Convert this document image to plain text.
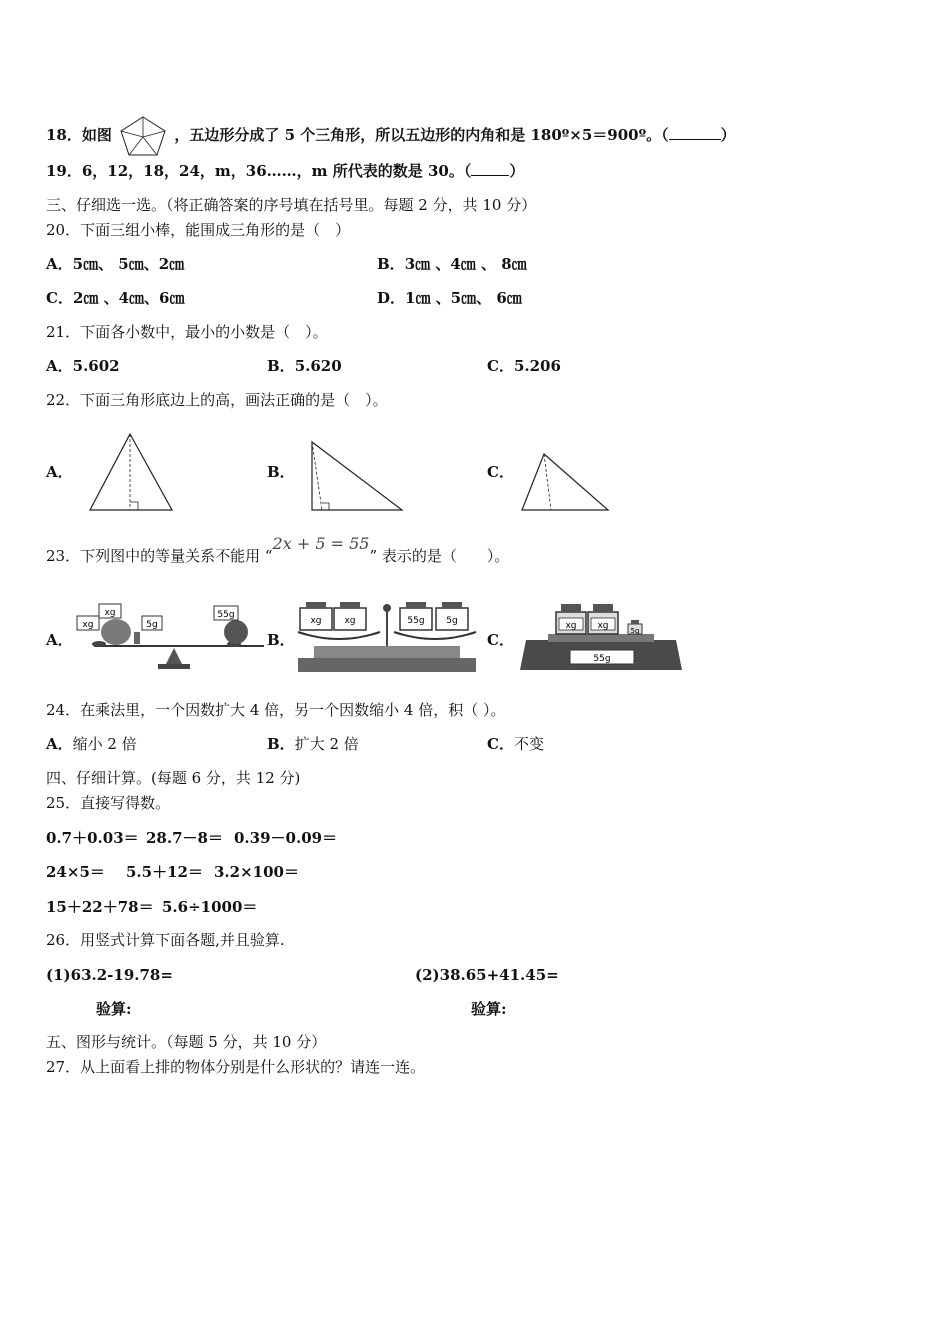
18．如图	，五边形分成了 5 个三角形，所以五边形的内角和是 180º×5＝900º。（	）
19．6，12，18，24，m，36……，m 所代表的数是 30。（	）
三、仔细选一选。（将正确答案的序号填在括号里。每题 2 分，共 10 分）
20．下面三组小棒，能围成三角形的是（　）
A．5㎝、 5㎝、2㎝	B．3㎝ 、4㎝ 、 8㎝
C．2㎝ 、4㎝、6㎝	D．1㎝ 、5㎝、 6㎝
21．下面各小数中，最小的小数是（　）。
A．5.602	B．5.620	C．5.206
22．下面三角形底边上的高，画法正确的是（　）。
A．	B．	C．
23．下列图中的等量关系不能用 “2x + 5 = 55” 表示的是（　　）。
A．
xg
xg
5g
55g
B．
xg	xg	55g 5g
C．
55g
xg xg	5g
24．在乘法里，一个因数扩大 4 倍，另一个因数缩小 4 倍，积（ ）。
A．缩小 2 倍	B．扩大 2 倍	C．不变
四、仔细计算。(每题 6 分，共 12 分)
25．直接写得数。
0.7＋0.03＝ 28.7－8＝ 0.39－0.09＝
24×5＝ 5.5＋12＝ 3.2×100＝
15＋22＋78＝ 5.6÷1000＝
26．用竖式计算下面各题,并且验算.
(1)63.2-19.78=	(2)38.65+41.45=
验算:	验算:
五、图形与统计。（每题 5 分，共 10 分）
27．从上面看上排的物体分别是什么形状的？请连一连。
